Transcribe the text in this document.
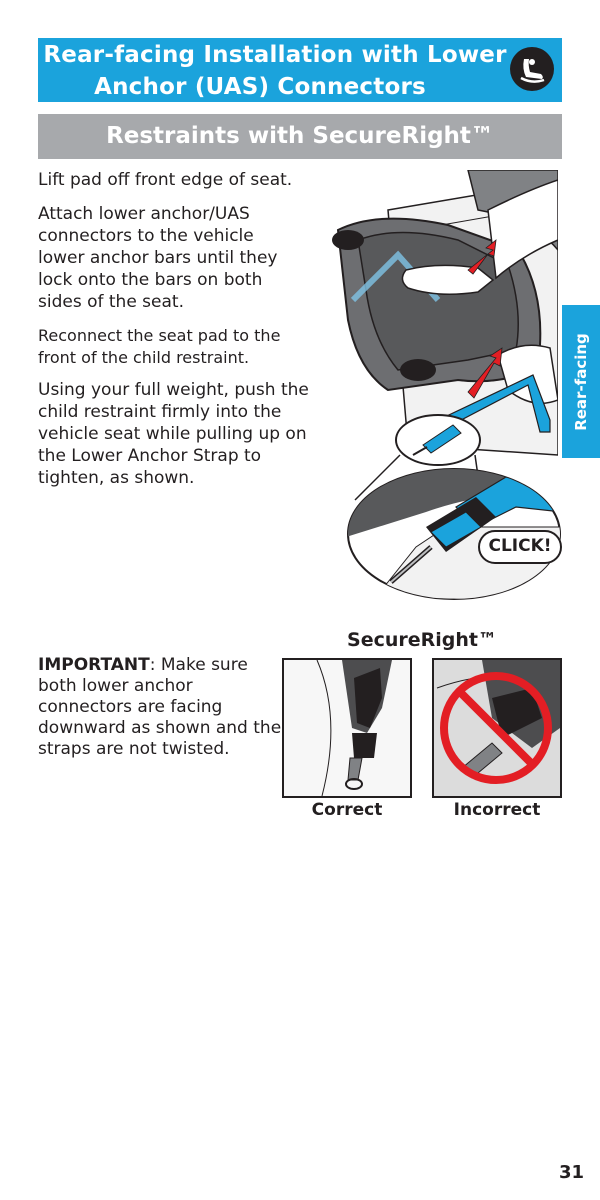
Rear-facing Installation with Lower
Anchor (UAS) Connectors
Restraints with SecureRight™

Lift pad off front edge of seat.

Attach lower anchor/UAS connectors to the vehicle lower anchor bars until they lock onto the bars on both sides of the seat.

Reconnect the seat pad to the front of the child restraint.

Using your full weight, push the child restraint firmly into the vehicle seat while pulling up on the Lower Anchor Strap to tighten, as shown.

Rear-facing
CLICK!
SecureRight™

IMPORTANT: Make sure both lower anchor connectors are facing downward as shown and the straps are not twisted.

Correct	Incorrect
31
